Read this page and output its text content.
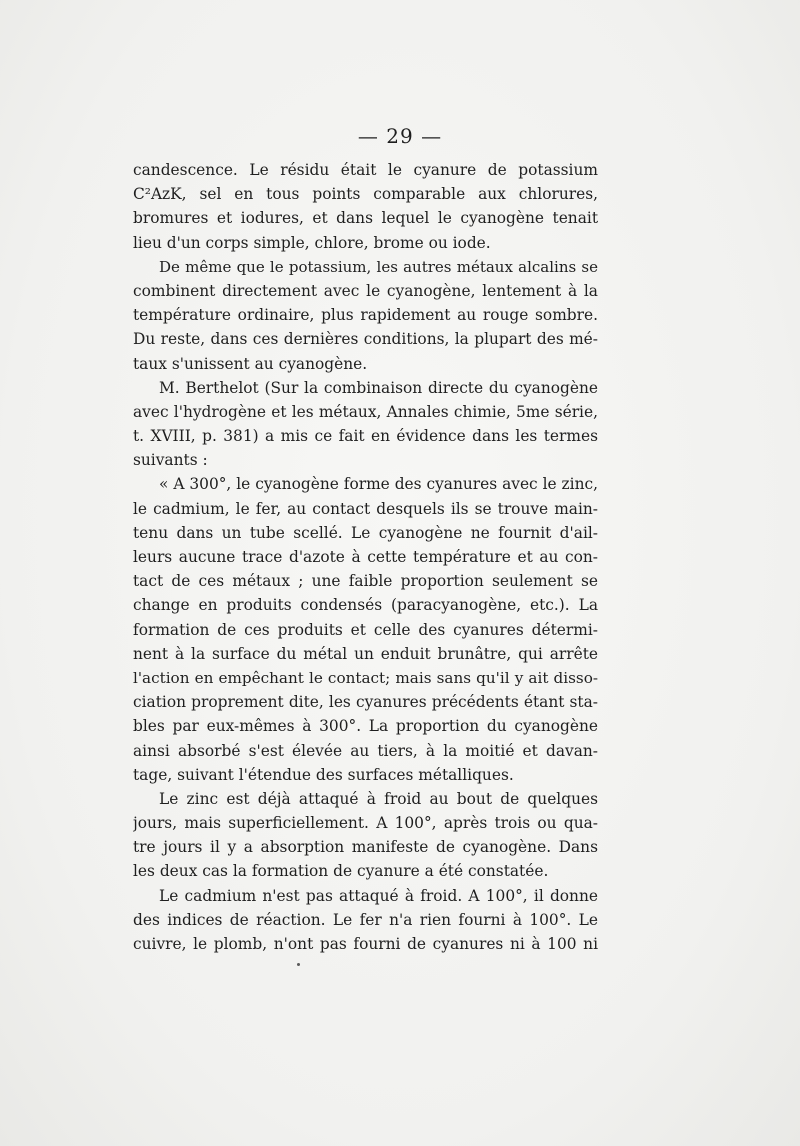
— 29 —
candescence. Le résidu était le cyanure de potassium
C²AzK, sel en tous points comparable aux chlorures,
bromures et iodures, et dans lequel le cyanogène tenait
lieu d'un corps simple, chlore, brome ou iode.
De même que le potassium, les autres métaux alcalins se
combinent directement avec le cyanogène, lentement à la
température ordinaire, plus rapidement au rouge sombre.
Du reste, dans ces dernières conditions, la plupart des mé-
taux s'unissent au cyanogène.
M. Berthelot (Sur la combinaison directe du cyanogène
avec l'hydrogène et les métaux, Annales chimie, 5me série,
t. XVIII, p. 381) a mis ce fait en évidence dans les termes
suivants :
« A 300°, le cyanogène forme des cyanures avec le zinc,
le cadmium, le fer, au contact desquels ils se trouve main-
tenu dans un tube scellé. Le cyanogène ne fournit d'ail-
leurs aucune trace d'azote à cette température et au con-
tact de ces métaux ; une faible proportion seulement se
change en produits condensés (paracyanogène, etc.). La
formation de ces produits et celle des cyanures détermi-
nent à la surface du métal un enduit brunâtre, qui arrête
l'action en empêchant le contact; mais sans qu'il y ait disso-
ciation proprement dite, les cyanures précédents étant sta-
bles par eux-mêmes à 300°. La proportion du cyanogène
ainsi absorbé s'est élevée au tiers, à la moitié et davan-
tage, suivant l'étendue des surfaces métalliques.
Le zinc est déjà attaqué à froid au bout de quelques
jours, mais superficiellement. A 100°, après trois ou qua-
tre jours il y a absorption manifeste de cyanogène. Dans
les deux cas la formation de cyanure a été constatée.
Le cadmium n'est pas attaqué à froid. A 100°, il donne
des indices de réaction. Le fer n'a rien fourni à 100°. Le
cuivre, le plomb, n'ont pas fourni de cyanures ni à 100 ni
